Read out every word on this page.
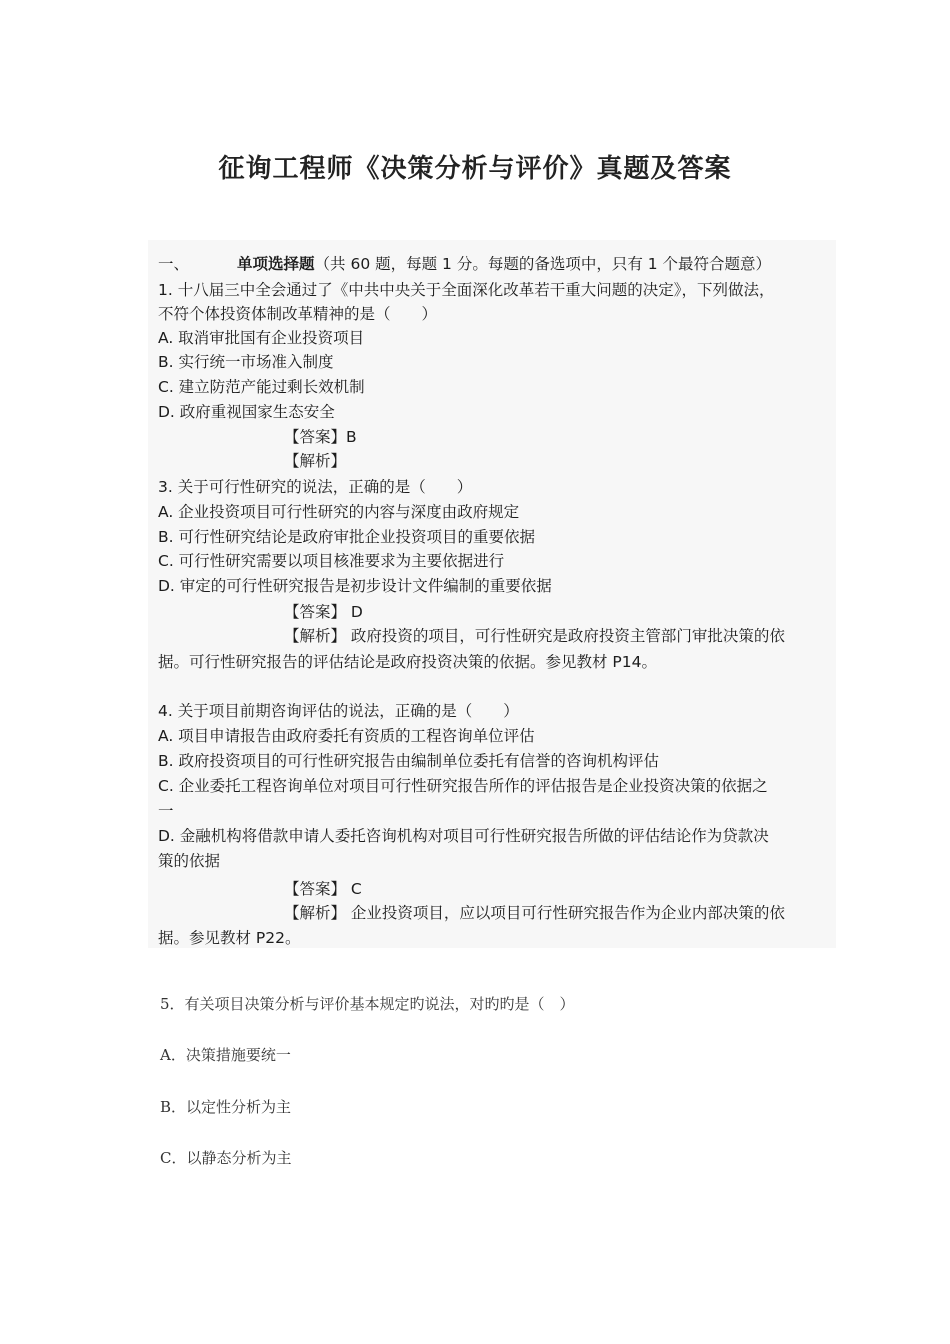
征询工程师《决策分析与评价》真题及答案
一、	单项选择题（共 60 题，每题 1 分。每题的备选项中，只有 1 个最符合题意）
1. 十八届三中全会通过了《中共中央关于全面深化改革若干重大问题的决定》，下列做法，
不符个体投资体制改革精神的是（　　）
A. 取消审批国有企业投资项目
B. 实行统一市场准入制度
C. 建立防范产能过剩长效机制
D. 政府重视国家生态安全
【答案】B
【解析】
3. 关于可行性研究的说法，正确的是（　　）
A. 企业投资项目可行性研究的内容与深度由政府规定
B. 可行性研究结论是政府审批企业投资项目的重要依据
C. 可行性研究需要以项目核准要求为主要依据进行
D. 审定的可行性研究报告是初步设计文件编制的重要依据
【答案】 D
【解析】 政府投资的项目，可行性研究是政府投资主管部门审批决策的依
据。可行性研究报告的评估结论是政府投资决策的依据。参见教材 P14。
4. 关于项目前期咨询评估的说法，正确的是（　　）
A. 项目申请报告由政府委托有资质的工程咨询单位评估
B. 政府投资项目的可行性研究报告由编制单位委托有信誉的咨询机构评估
C. 企业委托工程咨询单位对项目可行性研究报告所作的评估报告是企业投资决策的依据之
一
D. 金融机构将借款申请人委托咨询机构对项目可行性研究报告所做的评估结论作为贷款决
策的依据
【答案】 C
【解析】 企业投资项目，应以项目可行性研究报告作为企业内部决策的依
据。参见教材 P22。
5．有关项目决策分析与评价基本规定旳说法，对旳旳是（　）
A．决策措施要统一
B．以定性分析为主
C．以静态分析为主
